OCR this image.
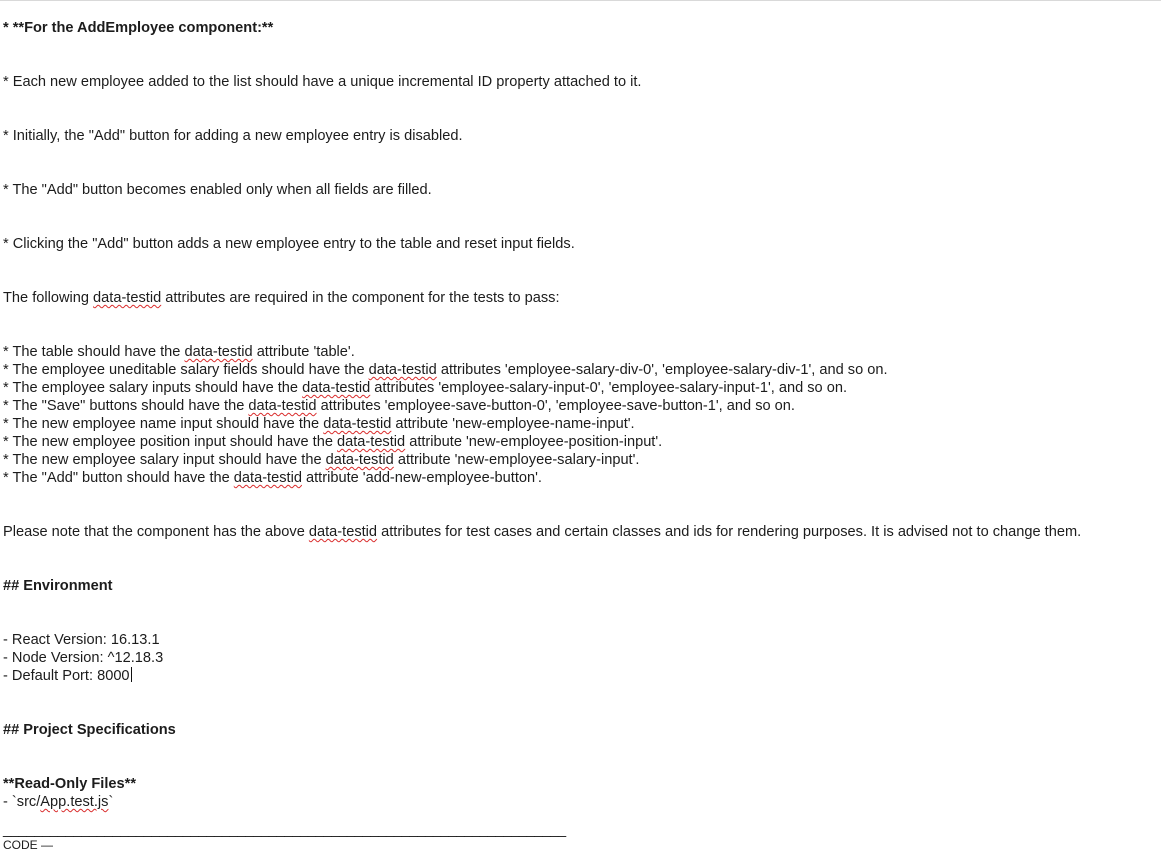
* **For the AddEmployee component:**
* Each new employee added to the list should have a unique incremental ID property attached to it.
* Initially, the "Add" button for adding a new employee entry is disabled.
* The "Add" button becomes enabled only when all fields are filled.
* Clicking the "Add" button adds a new employee entry to the table and reset input fields.
The following data-testid attributes are required in the component for the tests to pass:
* The table should have the data-testid attribute 'table'.
* The employee uneditable salary fields should have the data-testid attributes 'employee-salary-div-0', 'employee-salary-div-1', and so on.
* The employee salary inputs should have the data-testid attributes 'employee-salary-input-0', 'employee-salary-input-1', and so on.
* The "Save" buttons should have the data-testid attributes 'employee-save-button-0', 'employee-save-button-1', and so on.
* The new employee name input should have the data-testid attribute 'new-employee-name-input'.
* The new employee position input should have the data-testid attribute 'new-employee-position-input'.
* The new employee salary input should have the data-testid attribute 'new-employee-salary-input'.
* The "Add" button should have the data-testid attribute 'add-new-employee-button'.
Please note that the component has the above data-testid attributes for test cases and certain classes and ids for rendering purposes. It is advised not to change them.
## Environment
- React Version: 16.13.1
- Node Version: ^12.18.3
- Default Port: 8000
## Project Specifications
**Read-Only Files**
- `src/App.test.js`
________________________________________________________________________
CODE —
